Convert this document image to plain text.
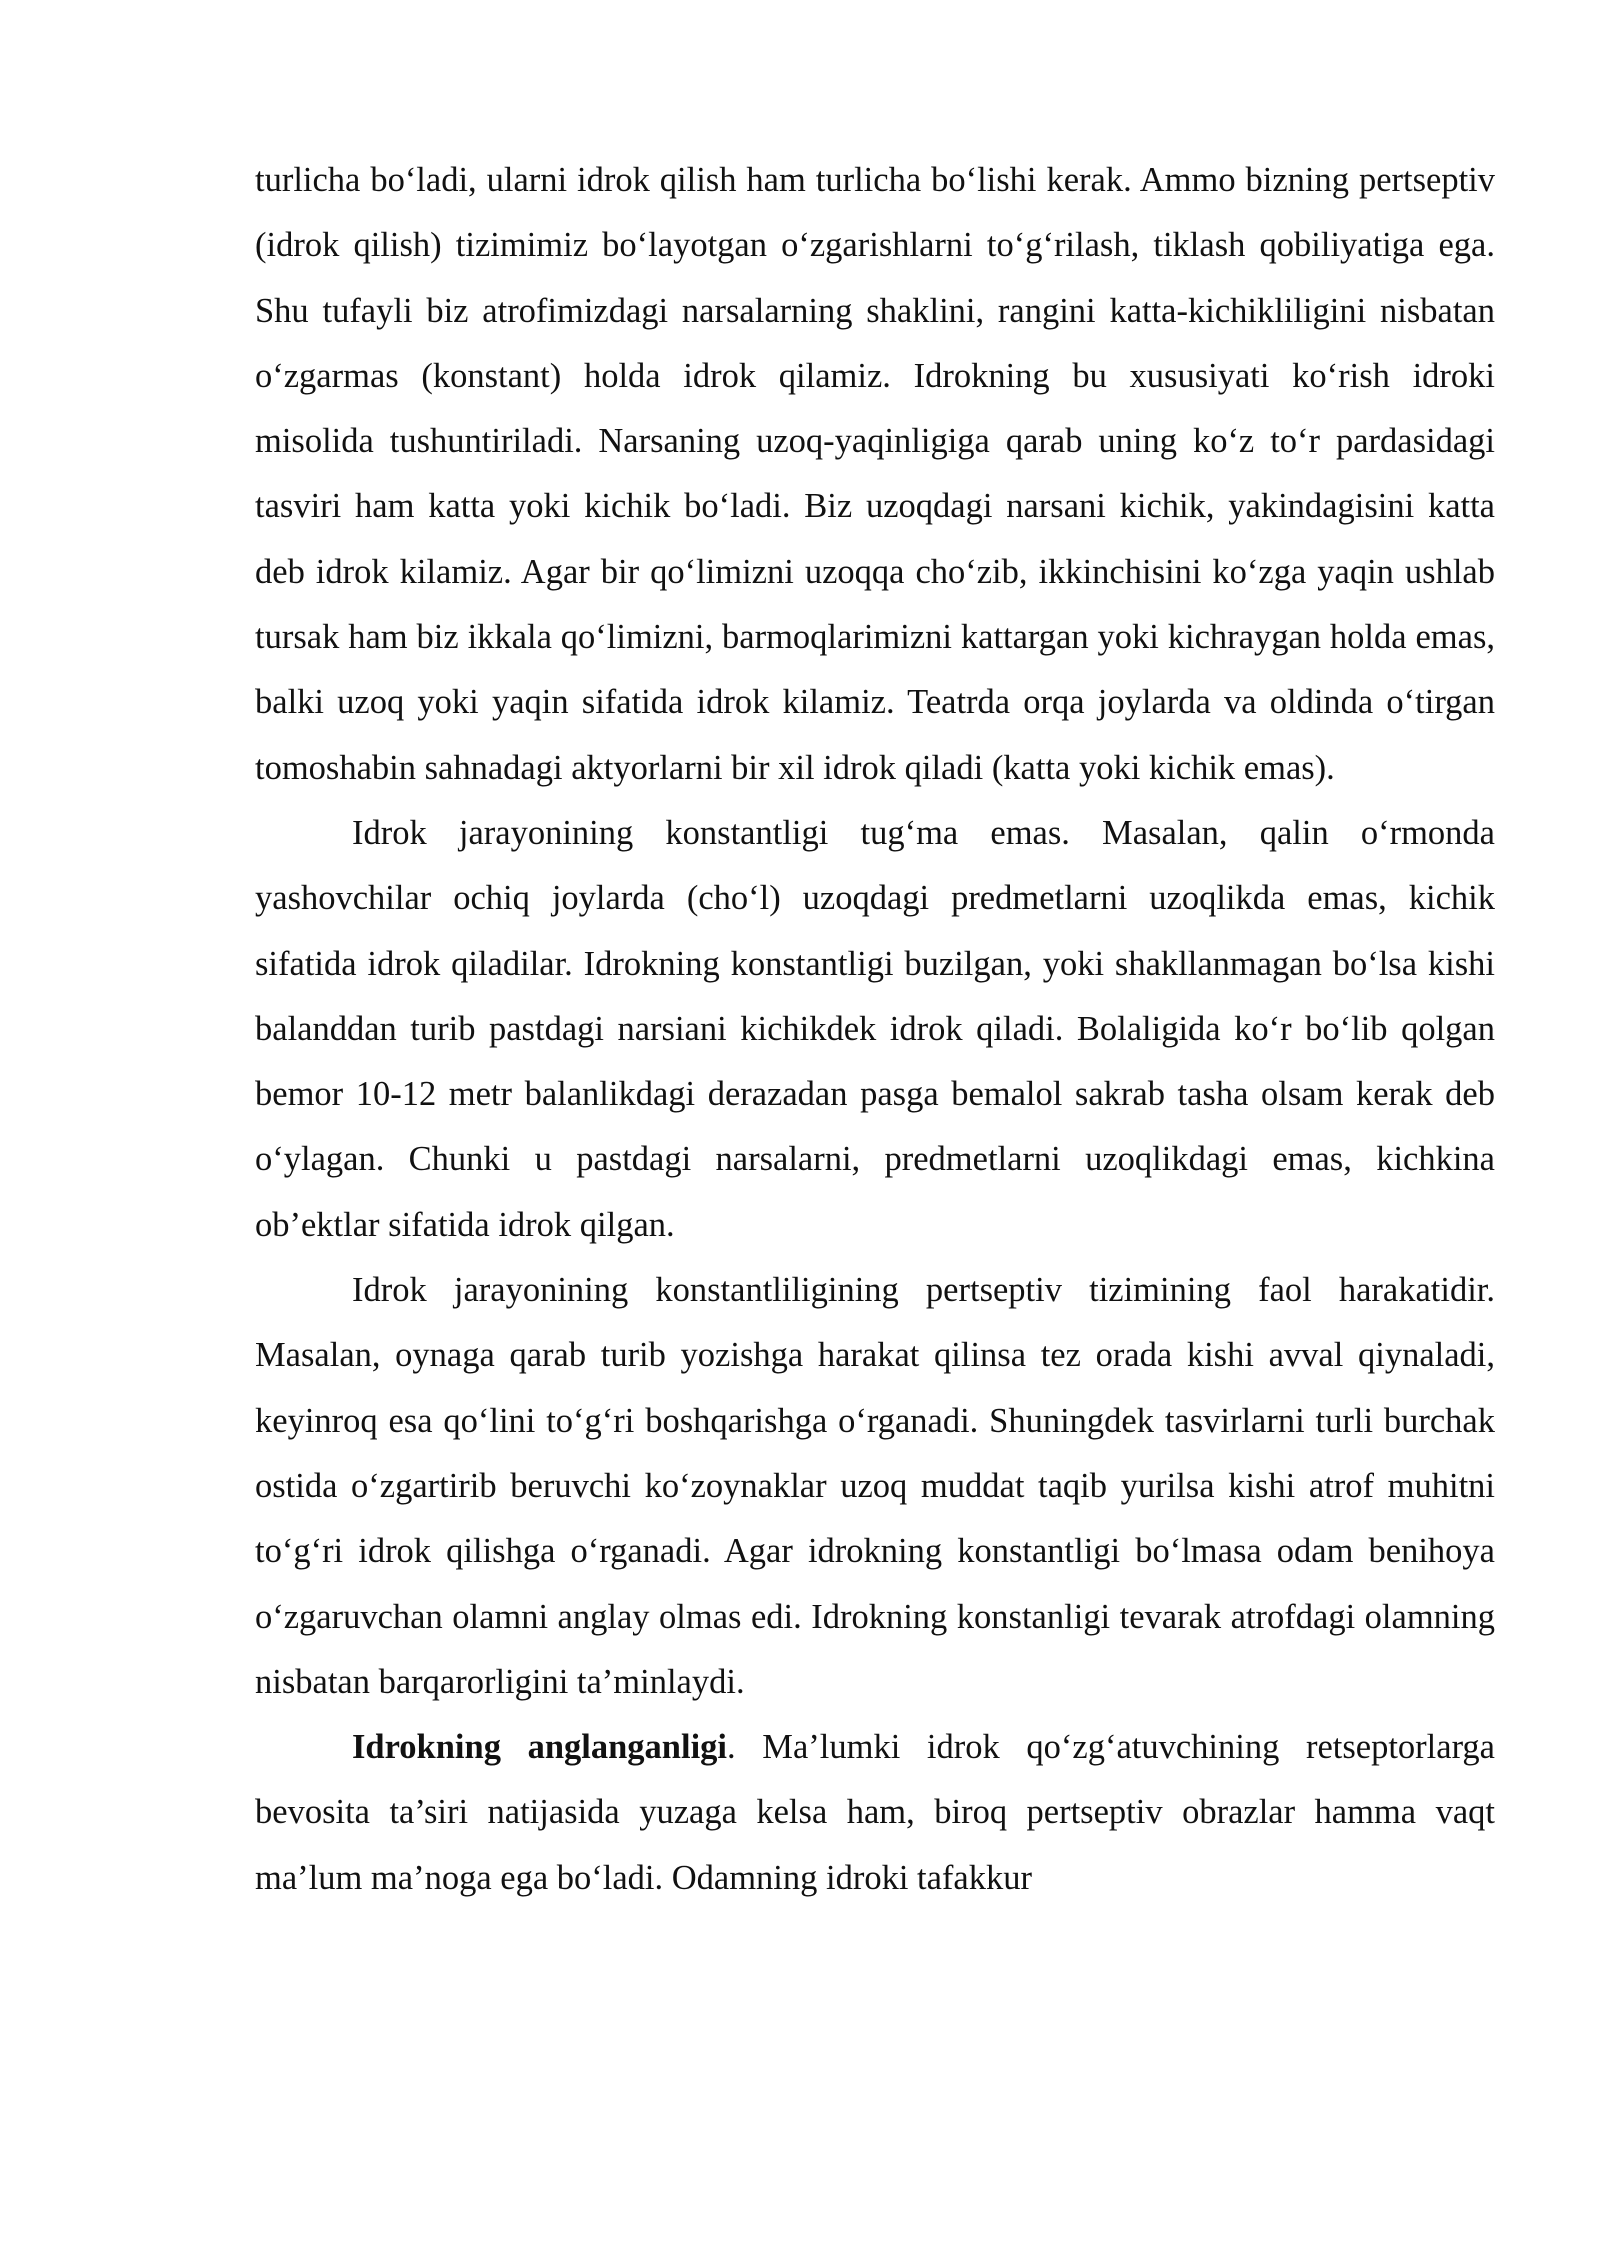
turlicha bo‘ladi, ularni idrok qilish ham turlicha bo‘lishi kerak. Ammo bizning pertseptiv (idrok qilish) tizimimiz bo‘layotgan o‘zgarishlarni to‘g‘rilash, tiklash qobiliyatiga ega. Shu tufayli biz atrofimizdagi narsalarning shaklini, rangini katta-kichikliligini nisbatan o‘zgarmas (konstant) holda idrok qilamiz. Idrokning bu xususiyati ko‘rish idroki misolida tushuntiriladi. Narsaning uzoq-yaqinligiga qarab uning ko‘z to‘r pardasidagi tasviri ham katta yoki kichik bo‘ladi. Biz uzoqdagi narsani kichik, yakindagisini katta deb idrok kilamiz. Agar bir qo‘limizni uzoqqa cho‘zib, ikkinchisini ko‘zga yaqin ushlab tursak ham biz ikkala qo‘limizni, barmoqlarimizni kattargan yoki kichraygan holda emas, balki uzoq yoki yaqin sifatida idrok kilamiz. Teatrda orqa joylarda va oldinda o‘tirgan tomoshabin sahnadagi aktyorlarni bir xil idrok qiladi (katta yoki kichik emas).

Idrok jarayonining konstantligi tug‘ma emas. Masalan, qalin o‘rmonda yashovchilar ochiq joylarda (cho‘l) uzoqdagi predmetlarni uzoqlikda emas, kichik sifatida idrok qiladilar. Idrokning konstantligi buzilgan, yoki shakllanmagan bo‘lsa kishi balanddan turib pastdagi narsiani kichikdek idrok qiladi. Bolaligida ko‘r bo‘lib qolgan bemor 10-12 metr balanlikdagi derazadan pasga bemalol sakrab tasha olsam kerak deb o‘ylagan. Chunki u pastdagi narsalarni, predmetlarni uzoqlikdagi emas, kichkina ob’ektlar sifatida idrok qilgan.

Idrok jarayonining konstantliligining pertseptiv tizimining faol harakatidir. Masalan, oynaga qarab turib yozishga harakat qilinsa tez orada kishi avval qiynaladi, keyinroq esa qo‘lini to‘g‘ri boshqarishga o‘rganadi. Shuningdek tasvirlarni turli burchak ostida o‘zgartirib beruvchi ko‘zoynaklar uzoq muddat taqib yurilsa kishi atrof muhitni to‘g‘ri idrok qilishga o‘rganadi. Agar idrokning konstantligi bo‘lmasa odam benihoya o‘zgaruvchan olamni anglay olmas edi. Idrokning konstanligi tevarak atrofdagi olamning nisbatan barqarorligini ta’minlaydi.

Idrokning anglanganligi. Ma’lumki idrok qo‘zg‘atuvchining retseptorlarga bevosita ta’siri natijasida yuzaga kelsa ham, biroq pertseptiv obrazlar hamma vaqt ma’lum ma’noga ega bo‘ladi. Odamning idroki tafakkur
